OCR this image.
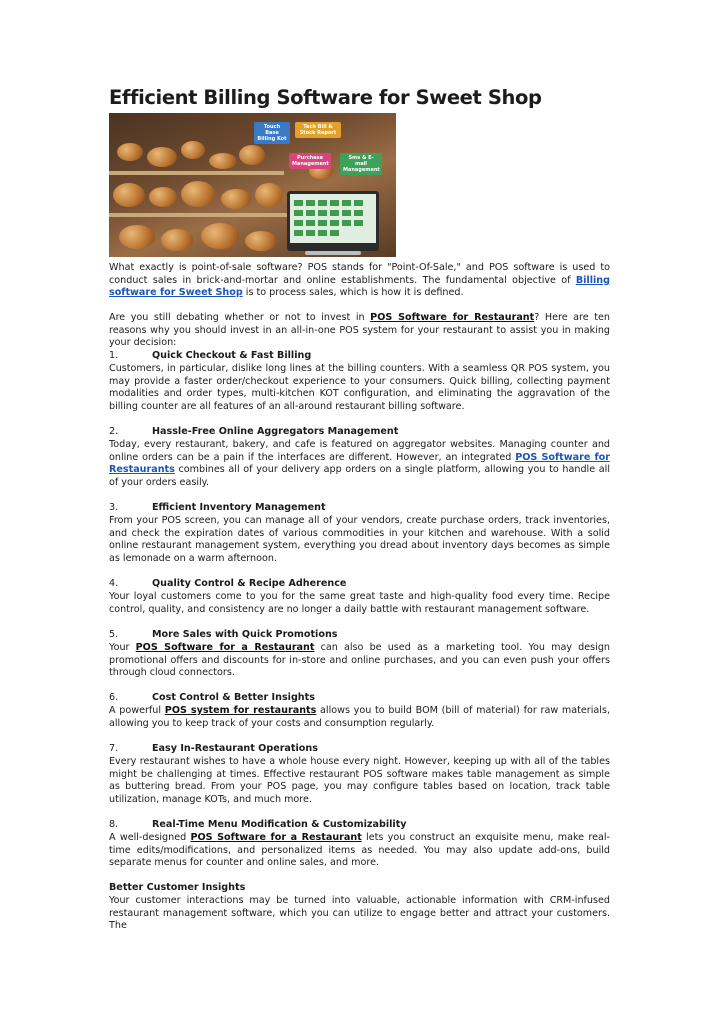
Efficient Billing Software for Sweet Shop
Touch Base Billing Kot
Tech Bill & Stock Report
Purchase Management
Sms & E-mail Management

What exactly is point-of-sale software? POS stands for "Point-Of-Sale," and POS software is used to conduct sales in brick-and-mortar and online establishments. The fundamental objective of Billing software for Sweet Shop is to process sales, which is how it is defined.

Are you still debating whether or not to invest in POS Software for Restaurant? Here are ten reasons why you should invest in an all-in-one POS system for your restaurant to assist you in making your decision:

1.	Quick Checkout & Fast Billing

Customers, in particular, dislike long lines at the billing counters. With a seamless QR POS system, you may provide a faster order/checkout experience to your consumers. Quick billing, collecting payment modalities and order types, multi-kitchen KOT configuration, and eliminating the aggravation of the billing counter are all features of an all-around restaurant billing software.

2.	Hassle-Free Online Aggregators Management

Today, every restaurant, bakery, and cafe is featured on aggregator websites. Managing counter and online orders can be a pain if the interfaces are different. However, an integrated POS Software for Restaurants combines all of your delivery app orders on a single platform, allowing you to handle all of your orders easily.

3.	Efficient Inventory Management

From your POS screen, you can manage all of your vendors, create purchase orders, track inventories, and check the expiration dates of various commodities in your kitchen and warehouse. With a solid online restaurant management system, everything you dread about inventory days becomes as simple as lemonade on a warm afternoon.

4.	Quality Control & Recipe Adherence

Your loyal customers come to you for the same great taste and high-quality food every time. Recipe control, quality, and consistency are no longer a daily battle with restaurant management software.

5.	More Sales with Quick Promotions

Your POS Software for a Restaurant can also be used as a marketing tool. You may design promotional offers and discounts for in-store and online purchases, and you can even push your offers through cloud connectors.

6.	Cost Control & Better Insights

A powerful POS system for restaurants allows you to build BOM (bill of material) for raw materials, allowing you to keep track of your costs and consumption regularly.

7.	Easy In-Restaurant Operations

Every restaurant wishes to have a whole house every night. However, keeping up with all of the tables might be challenging at times. Effective restaurant POS software makes table management as simple as buttering bread. From your POS page, you may configure tables based on location, track table utilization, manage KOTs, and much more.

8.	Real-Time Menu Modification & Customizability

A well-designed POS Software for a Restaurant lets you construct an exquisite menu, make real-time edits/modifications, and personalized items as needed. You may also update add-ons, build separate menus for counter and online sales, and more.

Better Customer Insights

Your customer interactions may be turned into valuable, actionable information with CRM-infused restaurant management software, which you can utilize to engage better and attract your customers. The
